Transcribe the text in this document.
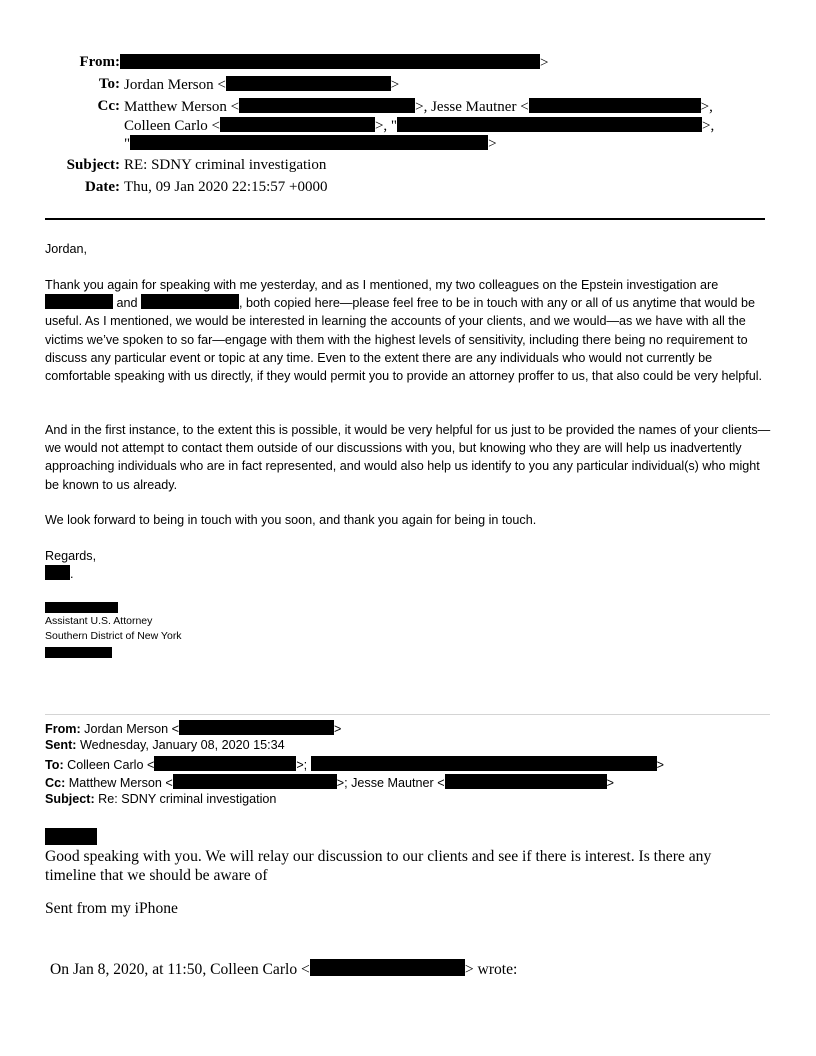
From:	>
To: Jordan Merson <	>
Cc: Matthew Merson <	>, Jesse Mautner <	>,
Colleen Carlo <	>, "	>,
"	>
Subject: RE: SDNY criminal investigation
Date: Thu, 09 Jan 2020 22:15:57 +0000

Jordan,

Thank you again for speaking with me yesterday, and as I mentioned, my two colleagues on the Epstein investigation are
and	, both copied here—please feel free to be in touch with any or all of us anytime that would be useful. As I mentioned, we would be interested in learning the accounts of your clients, and we would—as we have with all the victims we’ve spoken to so far—engage with them with the highest levels of sensitivity, including there being no requirement to discuss any particular event or topic at any time. Even to the extent there are any individuals who would not currently be comfortable speaking with us directly, if they would permit you to provide an attorney proffer to us, that also could be very helpful.

And in the first instance, to the extent this is possible, it would be very helpful for us just to be provided the names of your clients—we would not attempt to contact them outside of our discussions with you, but knowing who they are will help us inadvertently approaching individuals who are in fact represented, and would also help us identify to you any particular individual(s) who might be known to us already.

We look forward to being in touch with you soon, and thank you again for being in touch.

Regards,

.
Assistant U.S. Attorney
Southern District of New York
From: Jordan Merson <	>
Sent: Wednesday, January 08, 2020 15:34
To: Colleen Carlo <	>;	>
Cc: Matthew Merson <	>; Jesse Mautner <	>
Subject: Re: SDNY criminal investigation
Good speaking with you. We will relay our discussion to our clients and see if there is interest. Is there any
timeline that we should be aware of
Sent from my iPhone
On Jan 8, 2020, at 11:50, Colleen Carlo <	> wrote:
